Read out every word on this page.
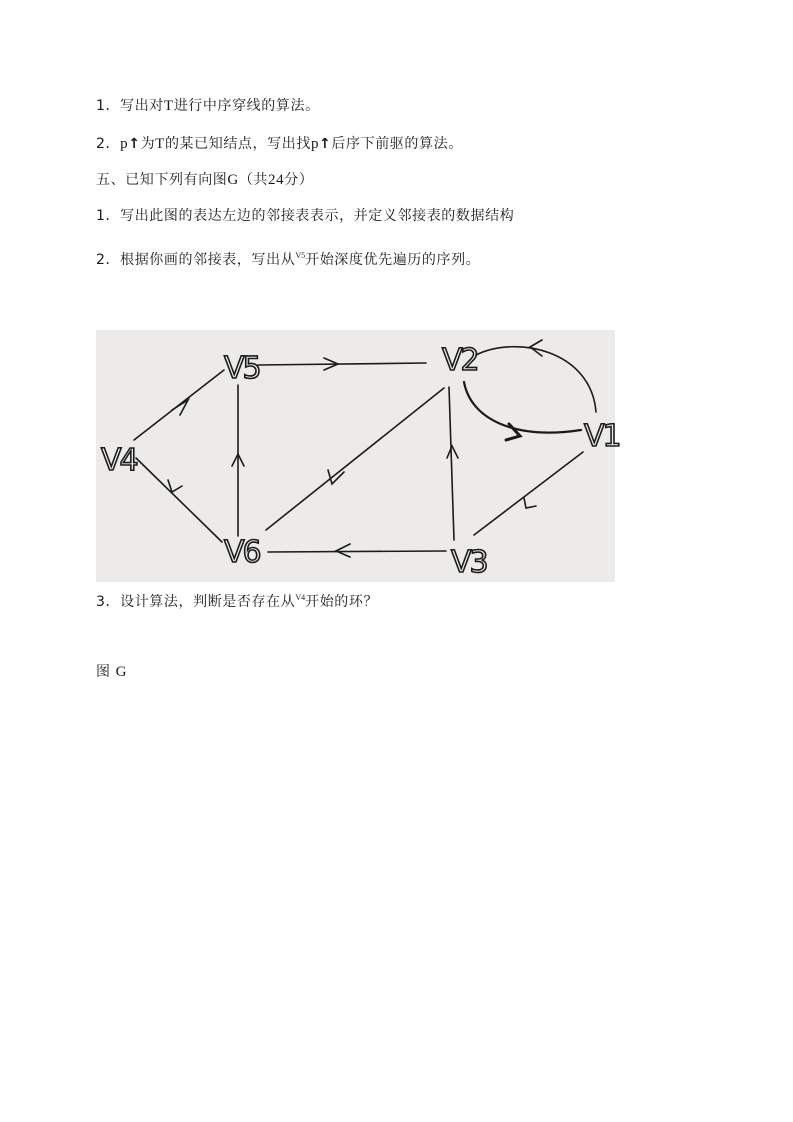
1．写出对T进行中序穿线的算法。
2．p↑为T的某已知结点，写出找p↑后序下前驱的算法。
五、已知下列有向图G（共24分）
1．写出此图的表达左边的邻接表表示，并定义邻接表的数据结构
2．根据你画的邻接表，写出从$^{V5}$开始深度优先遍历的序列。
V5	V2
V1
V4
V6	V3
3．设计算法，判断是否存在从$^{V4}$开始的环？
图 G
